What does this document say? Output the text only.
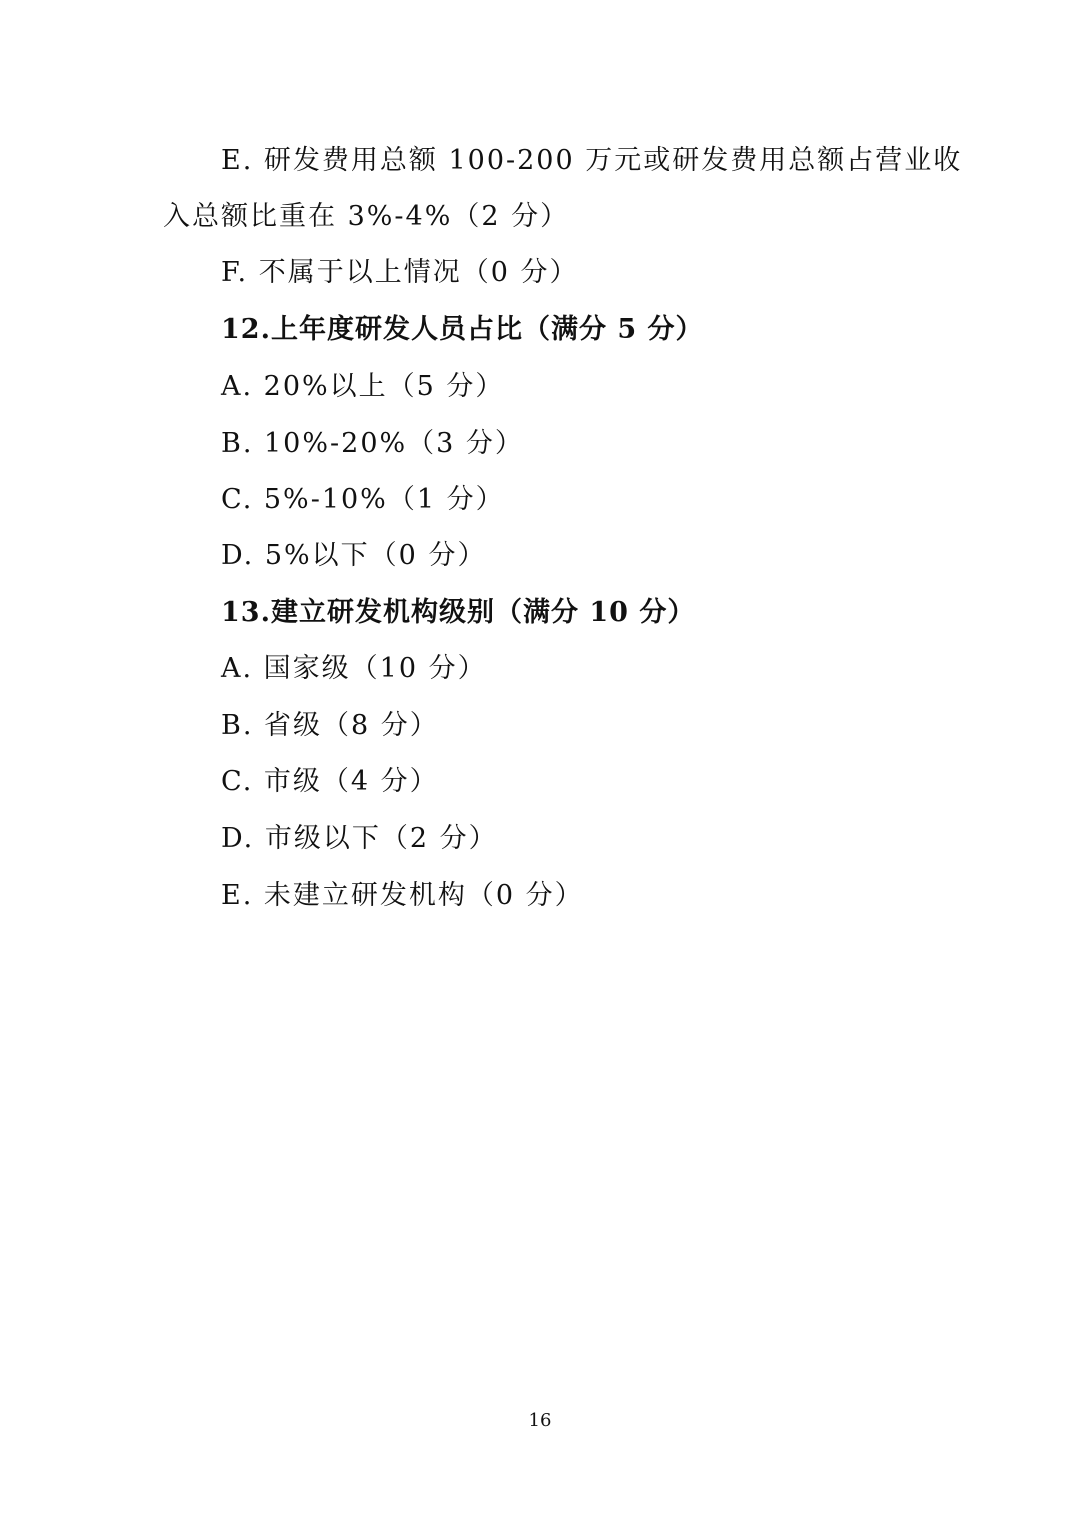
E. 研发费用总额 100-200 万元或研发费用总额占营业收
入总额比重在 3%-4%（2 分）
F. 不属于以上情况（0 分）
12.上年度研发人员占比（满分 5 分）
A. 20%以上（5 分）
B. 10%-20%（3 分）
C. 5%-10%（1 分）
D. 5%以下（0 分）
13.建立研发机构级别（满分 10 分）
A. 国家级（10 分）
B. 省级（8 分）
C. 市级（4 分）
D. 市级以下（2 分）
E. 未建立研发机构（0 分）
16
